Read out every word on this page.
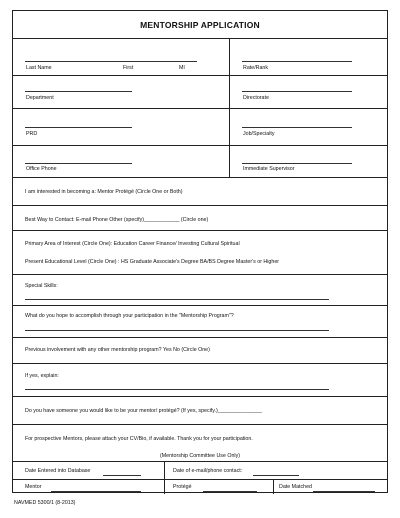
MENTORSHIP APPLICATION
Last Name	First	MI	Rate/Rank
Department	Directorate
PRD	Job/Specialty
Office Phone	Immediate Supervisor
I am interested in becoming a: Mentor Protégé (Circle One or Both)
Best Way to Contact: E-mail Phone Other (specify)____________ (Circle one)
Primary Area of Interest (Circle One): Education Career Finance/ Investing Cultural Spiritual
Present Educational Level (Circle One) : HS Graduate Associate's Degree BA/BS Degree Master's or Higher
Special Skills:
What do you hope to accomplish through your participation in the "Mentorship Program"?
Previous involvement with any other mentorship program? Yes No (Circle One)
If yes, explain:
Do you have someone you would like to be your mentor/ protégé? (If yes, specify.)_______________
For prospective Mentors, please attach your CV/Bio, if available. Thank you for your participation.
(Mentorship Committee Use Only)
Date Entered into Database	Date of e-mail/phone contact:
Mentor	Protégé	Date Matched
NAVMED 5300/1 (8-2013)
